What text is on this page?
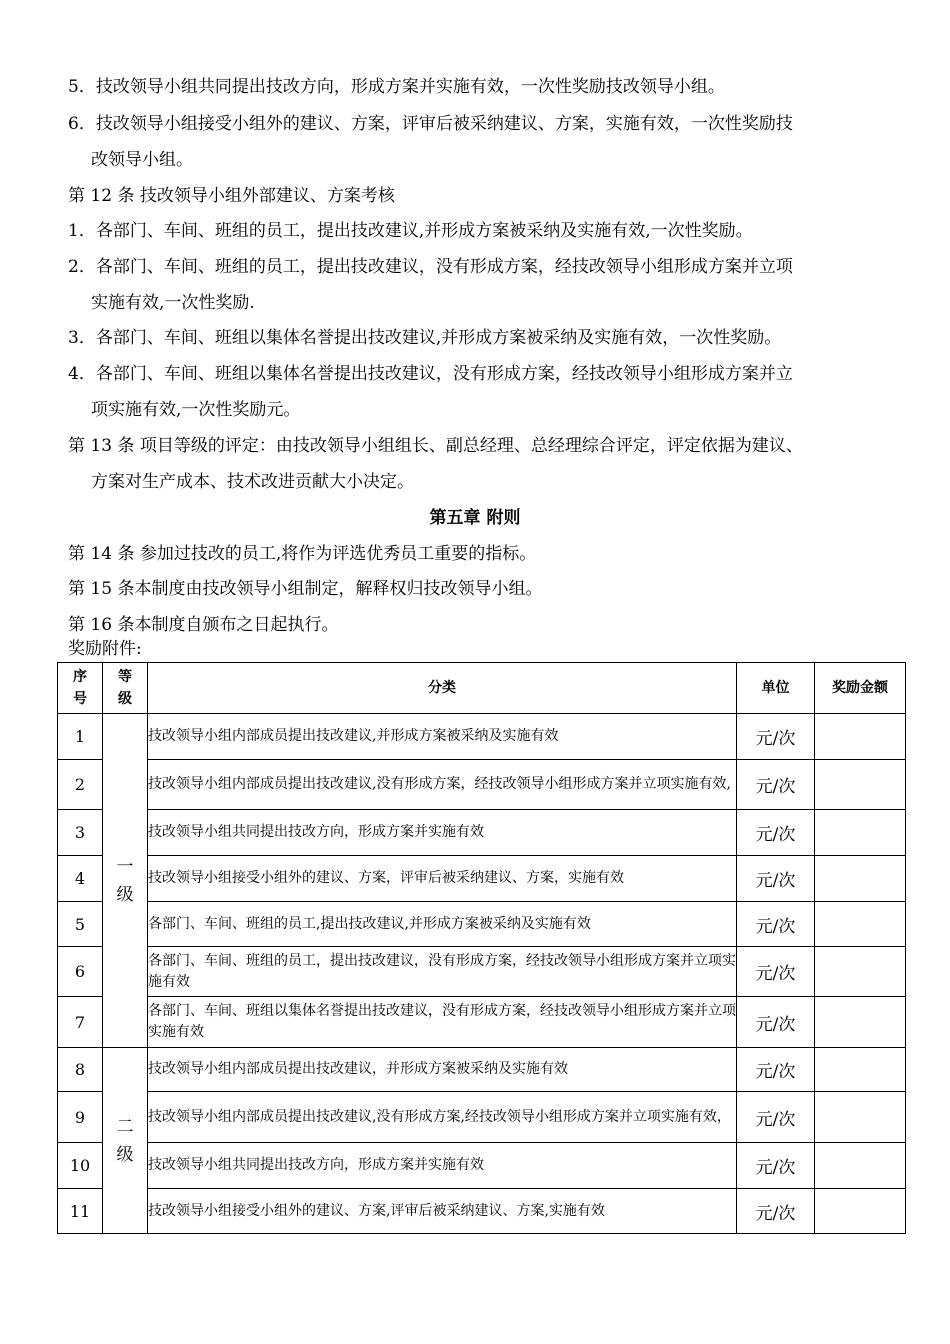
5．技改领导小组共同提出技改方向，形成方案并实施有效，一次性奖励技改领导小组。
6．技改领导小组接受小组外的建议、方案，评审后被采纳建议、方案，实施有效，一次性奖励技
改领导小组。
第 12 条 技改领导小组外部建议、方案考核
1．各部门、车间、班组的员工，提出技改建议,并形成方案被采纳及实施有效,一次性奖励。
2．各部门、车间、班组的员工，提出技改建议，没有形成方案，经技改领导小组形成方案并立项
实施有效,一次性奖励.
3．各部门、车间、班组以集体名誉提出技改建议,并形成方案被采纳及实施有效，一次性奖励。
4．各部门、车间、班组以集体名誉提出技改建议，没有形成方案，经技改领导小组形成方案并立
项实施有效,一次性奖励元。
第 13 条 项目等级的评定：由技改领导小组组长、副总经理、总经理综合评定，评定依据为建议、
方案对生产成本、技术改进贡献大小决定。
第五章 附则
第 14 条 参加过技改的员工,将作为评选优秀员工重要的指标。
第 15 条本制度由技改领导小组制定，解释权归技改领导小组。
第 16 条本制度自颁布之日起执行。
奖励附件:
序号	等级	分类	单位	奖励金额
1	一级	技改领导小组内部成员提出技改建议,并形成方案被采纳及实施有效	元/次	
2		技改领导小组内部成员提出技改建议,没有形成方案，经技改领导小组形成方案并立项实施有效,	元/次	
3		技改领导小组共同提出技改方向，形成方案并实施有效	元/次	
4		技改领导小组接受小组外的建议、方案，评审后被采纳建议、方案，实施有效	元/次	
5		各部门、车间、班组的员工,提出技改建议,并形成方案被采纳及实施有效	元/次	
6		各部门、车间、班组的员工，提出技改建议，没有形成方案，经技改领导小组形成方案并立项实施有效	元/次	
7		各部门、车间、班组以集体名誉提出技改建议，没有形成方案，经技改领导小组形成方案并立项实施有效	元/次	
8	二级	技改领导小组内部成员提出技改建议，并形成方案被采纳及实施有效	元/次	
9		技改领导小组内部成员提出技改建议,没有形成方案,经技改领导小组形成方案并立项实施有效，	元/次	
10		技改领导小组共同提出技改方向，形成方案并实施有效	元/次	
11		技改领导小组接受小组外的建议、方案,评审后被采纳建议、方案,实施有效	元/次	
